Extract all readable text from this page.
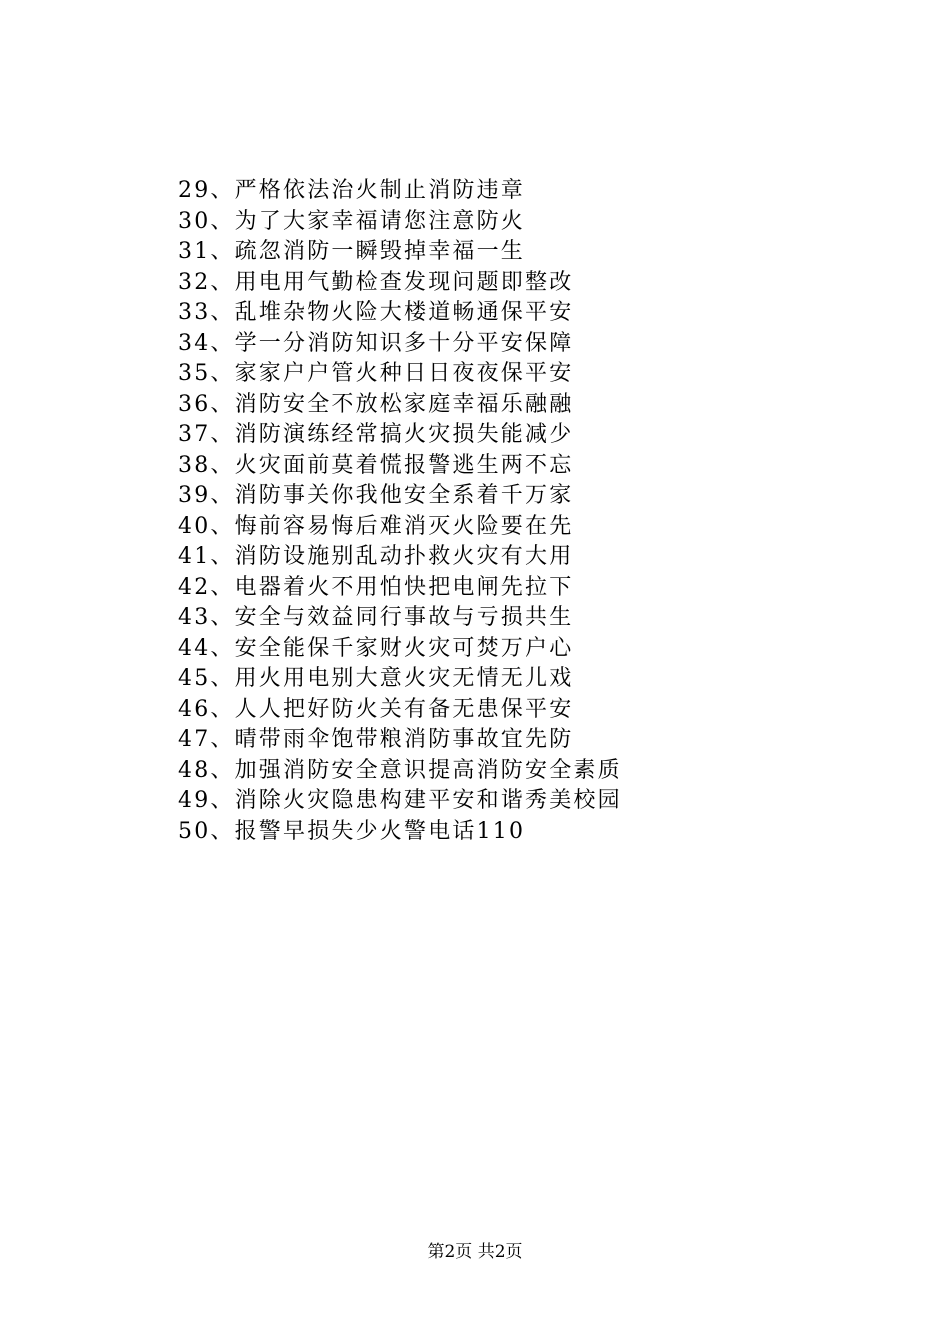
29、严格依法治火制止消防违章
30、为了大家幸福请您注意防火
31、疏忽消防一瞬毁掉幸福一生
32、用电用气勤检查发现问题即整改
33、乱堆杂物火险大楼道畅通保平安
34、学一分消防知识多十分平安保障
35、家家户户管火种日日夜夜保平安
36、消防安全不放松家庭幸福乐融融
37、消防演练经常搞火灾损失能减少
38、火灾面前莫着慌报警逃生两不忘
39、消防事关你我他安全系着千万家
40、悔前容易悔后难消灭火险要在先
41、消防设施别乱动扑救火灾有大用
42、电器着火不用怕快把电闸先拉下
43、安全与效益同行事故与亏损共生
44、安全能保千家财火灾可焚万户心
45、用火用电别大意火灾无情无儿戏
46、人人把好防火关有备无患保平安
47、晴带雨伞饱带粮消防事故宜先防
48、加强消防安全意识提高消防安全素质
49、消除火灾隐患构建平安和谐秀美校园
50、报警早损失少火警电话110
第2页 共2页
